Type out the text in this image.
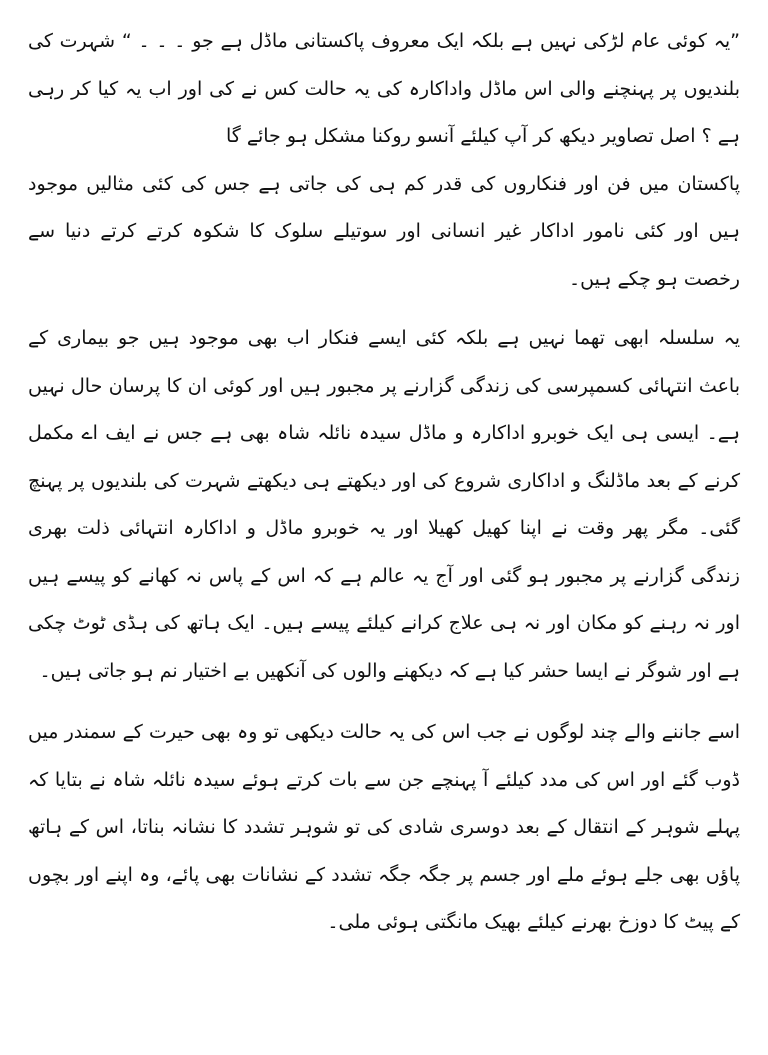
”یہ کوئی عام لڑکی نہیں ہے بلکہ ایک معروف پاکستانی ماڈل ہے جو ۔ ۔ ۔ “ شہرت کی بلندیوں پر پہنچنے والی اس ماڈل واداکارہ کی یہ حالت کس نے کی اور اب یہ کیا کر رہی ہے ؟ اصل تصاویر دیکھ کر آپ کیلئے آنسو روکنا مشکل ہو جائے گا

پاکستان میں فن اور فنکاروں کی قدر کم ہی کی جاتی ہے جس کی کئی مثالیں موجود ہیں اور کئی نامور اداکار غیر انسانی اور سوتیلے سلوک کا شکوہ کرتے کرتے دنیا سے رخصت ہو چکے ہیں۔

یہ سلسلہ ابھی تھما نہیں ہے بلکہ کئی ایسے فنکار اب بھی موجود ہیں جو بیماری کے باعث انتہائی کسمپرسی کی زندگی گزارنے پر مجبور ہیں اور کوئی ان کا پرسان حال نہیں ہے۔ ایسی ہی ایک خوبرو اداکارہ و ماڈل سیدہ نائلہ شاہ بھی ہے جس نے ایف اے مکمل کرنے کے بعد ماڈلنگ و اداکاری شروع کی اور دیکھتے ہی دیکھتے شہرت کی بلندیوں پر پہنچ گئی۔ مگر پھر وقت نے اپنا کھیل کھیلا اور یہ خوبرو ماڈل و اداکارہ انتہائی ذلت بھری زندگی گزارنے پر مجبور ہو گئی اور آج یہ عالم ہے کہ اس کے پاس نہ کھانے کو پیسے ہیں اور نہ رہنے کو مکان اور نہ ہی علاج کرانے کیلئے پیسے ہیں۔ ایک ہاتھ کی ہڈی ٹوٹ چکی ہے اور شوگر نے ایسا حشر کیا ہے کہ دیکھنے والوں کی آنکھیں بے اختیار نم ہو جاتی ہیں۔

اسے جاننے والے چند لوگوں نے جب اس کی یہ حالت دیکھی تو وہ بھی حیرت کے سمندر میں ڈوب گئے اور اس کی مدد کیلئے آ پہنچے جن سے بات کرتے ہوئے سیدہ نائلہ شاہ نے بتایا کہ پہلے شوہر کے انتقال کے بعد دوسری شادی کی تو شوہر تشدد کا نشانہ بناتا، اس کے ہاتھ پاؤں بھی جلے ہوئے ملے اور جسم پر جگہ جگہ تشدد کے نشانات بھی پائے، وہ اپنے اور بچوں کے پیٹ کا دوزخ بھرنے کیلئے بھیک مانگتی ہوئی ملی۔
